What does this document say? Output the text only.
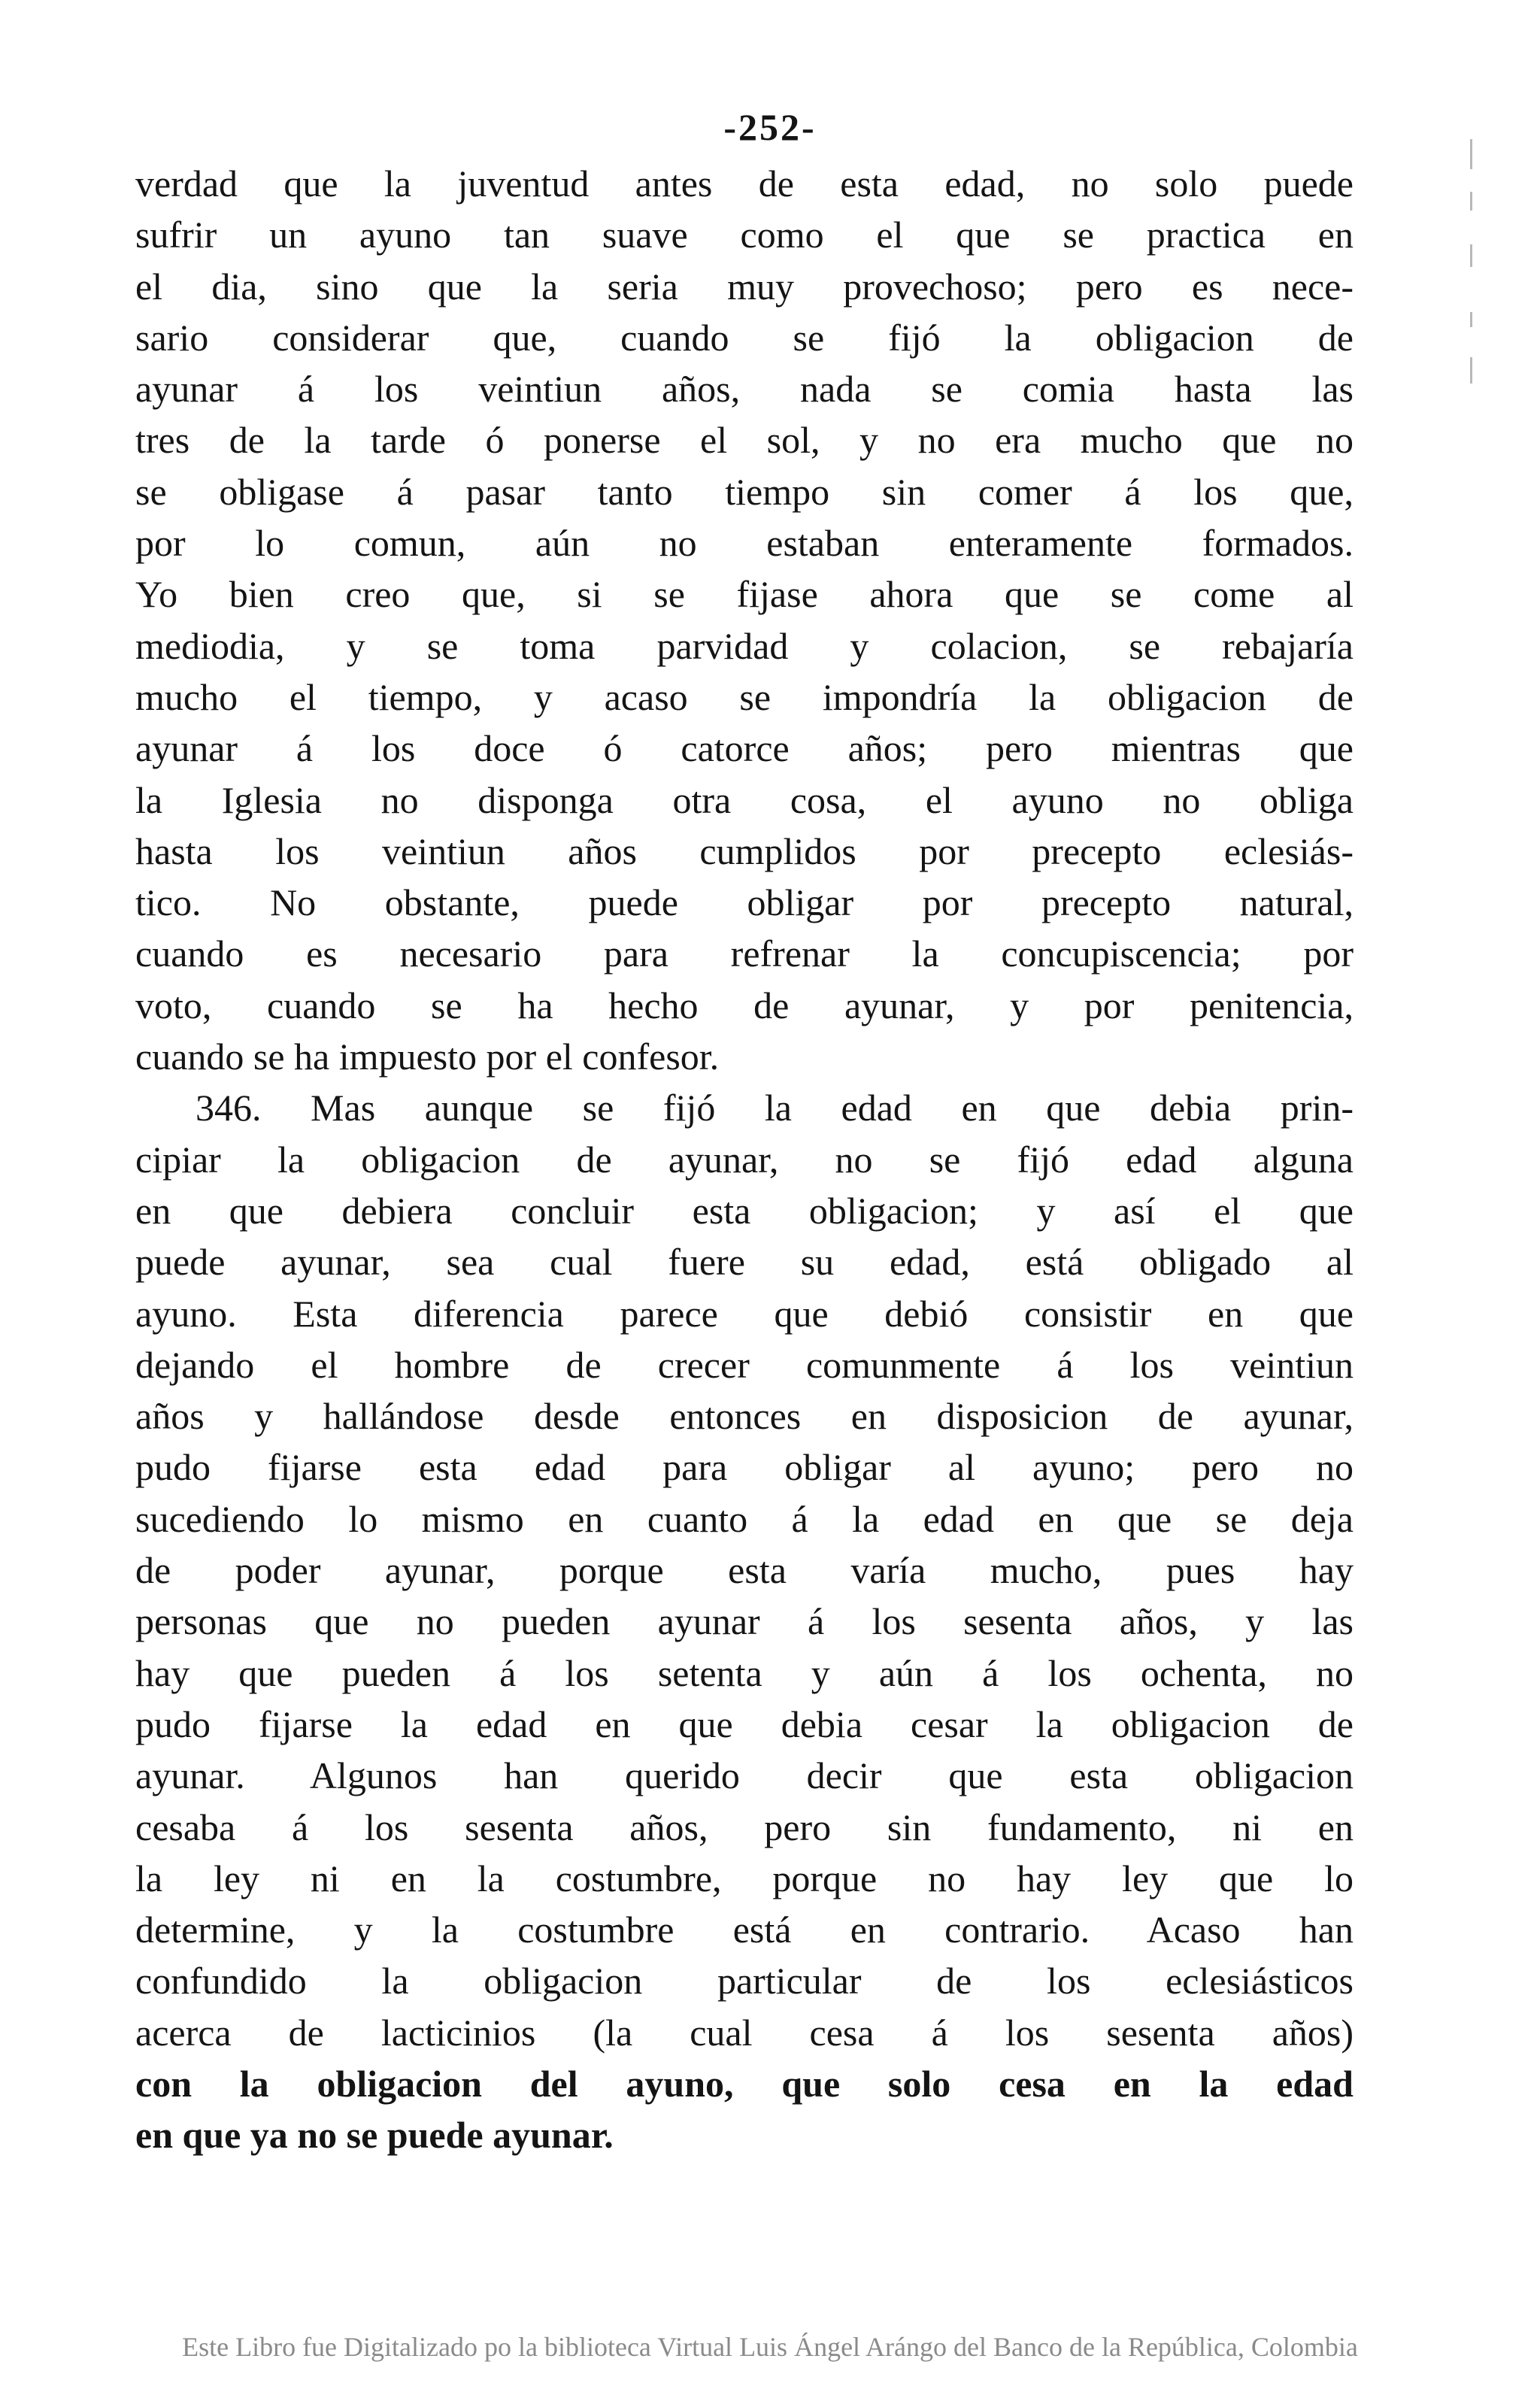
-252-
verdad que la juventud antes de esta edad, no solo puede
sufrir un ayuno tan suave como el que se practica en
el dia, sino que la seria muy provechoso; pero es nece-
sario considerar que, cuando se fijó la obligacion de
ayunar á los veintiun años, nada se comia hasta las
tres de la tarde ó ponerse el sol, y no era mucho que no
se obligase á pasar tanto tiempo sin comer á los que,
por lo comun, aún no estaban enteramente formados.
Yo bien creo que, si se fijase ahora que se come al
mediodia, y se toma parvidad y colacion, se rebajaría
mucho el tiempo, y acaso se impondría la obligacion de
ayunar á los doce ó catorce años; pero mientras que
la Iglesia no disponga otra cosa, el ayuno no obliga
hasta los veintiun años cumplidos por precepto eclesiás-
tico. No obstante, puede obligar por precepto natural,
cuando es necesario para refrenar la concupiscencia; por
voto, cuando se ha hecho de ayunar, y por penitencia,
cuando se ha impuesto por el confesor.
346. Mas aunque se fijó la edad en que debia prin-
cipiar la obligacion de ayunar, no se fijó edad alguna
en que debiera concluir esta obligacion; y así el que
puede ayunar, sea cual fuere su edad, está obligado al
ayuno. Esta diferencia parece que debió consistir en que
dejando el hombre de crecer comunmente á los veintiun
años y hallándose desde entonces en disposicion de ayunar,
pudo fijarse esta edad para obligar al ayuno; pero no
sucediendo lo mismo en cuanto á la edad en que se deja
de poder ayunar, porque esta varía mucho, pues hay
personas que no pueden ayunar á los sesenta años, y las
hay que pueden á los setenta y aún á los ochenta, no
pudo fijarse la edad en que debia cesar la obligacion de
ayunar. Algunos han querido decir que esta obligacion
cesaba á los sesenta años, pero sin fundamento, ni en
la ley ni en la costumbre, porque no hay ley que lo
determine, y la costumbre está en contrario. Acaso han
confundido la obligacion particular de los eclesiásticos
acerca de lacticinios (la cual cesa á los sesenta años)
con la obligacion del ayuno, que solo cesa en la edad
en que ya no se puede ayunar.
Este Libro fue Digitalizado po la biblioteca Virtual Luis Ángel Arángo del Banco de la República, Colombia
